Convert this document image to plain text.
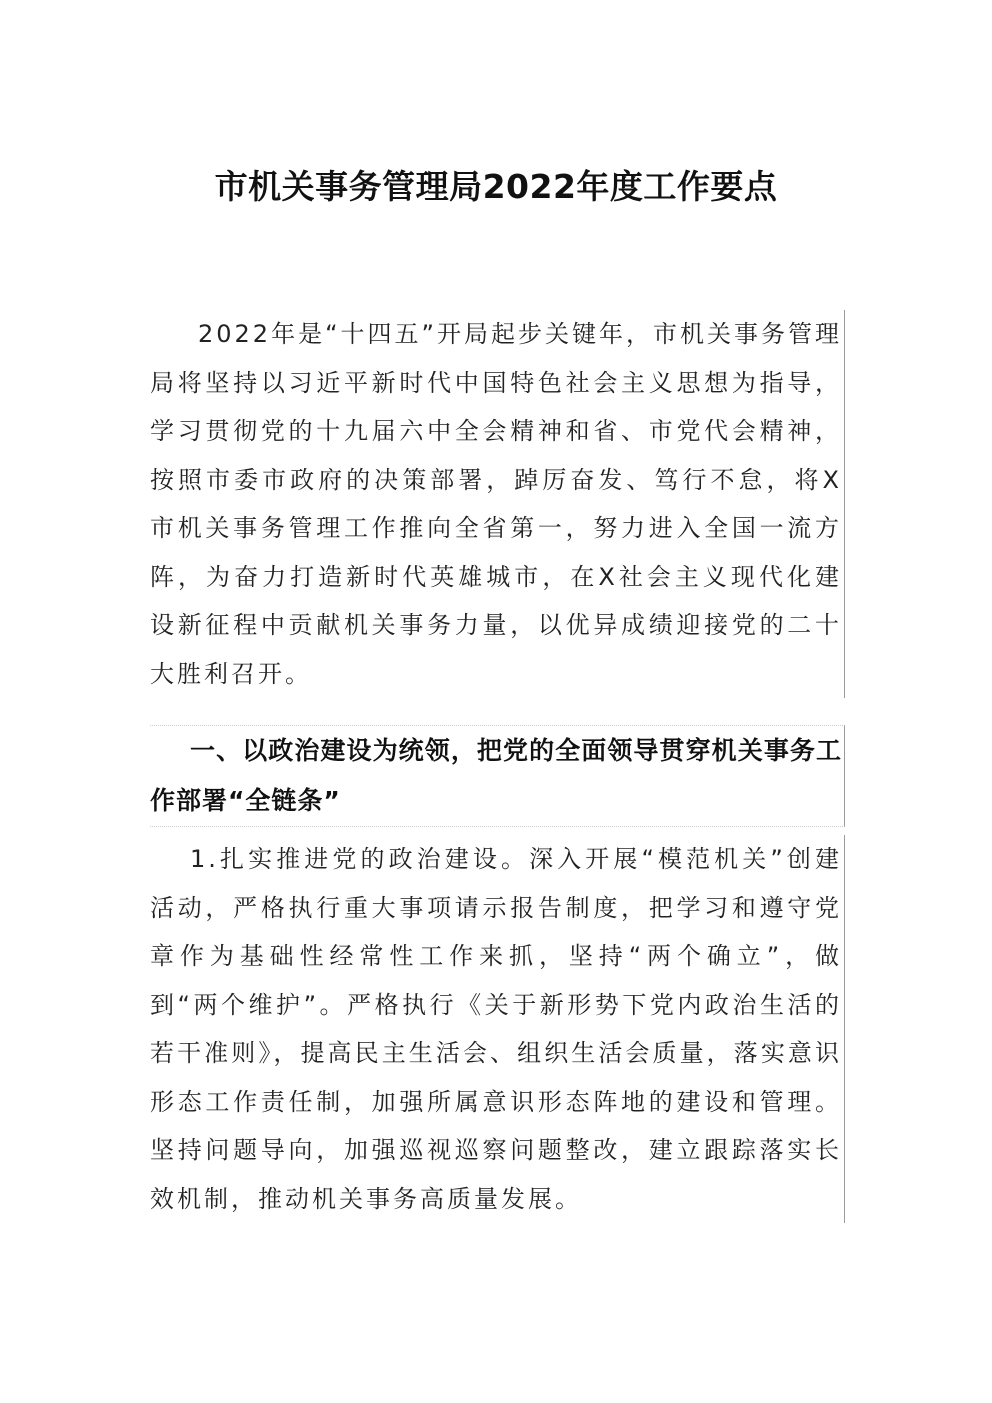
市机关事务管理局2022年度工作要点
2022年是“十四五”开局起步关键年，市机关事务管理局将坚持以习近平新时代中国特色社会主义思想为指导，学习贯彻党的十九届六中全会精神和省、市党代会精神，按照市委市政府的决策部署，踔厉奋发、笃行不怠，将X市机关事务管理工作推向全省第一，努力进入全国一流方阵，为奋力打造新时代英雄城市，在X社会主义现代化建设新征程中贡献机关事务力量，以优异成绩迎接党的二十大胜利召开。
一、以政治建设为统领，把党的全面领导贯穿机关事务工作部署“全链条”
1.扎实推进党的政治建设。深入开展“模范机关”创建活动，严格执行重大事项请示报告制度，把学习和遵守党章作为基础性经常性工作来抓，坚持“两个确立”，做到“两个维护”。严格执行《关于新形势下党内政治生活的若干准则》，提高民主生活会、组织生活会质量，落实意识形态工作责任制，加强所属意识形态阵地的建设和管理。坚持问题导向，加强巡视巡察问题整改，建立跟踪落实长效机制，推动机关事务高质量发展。
